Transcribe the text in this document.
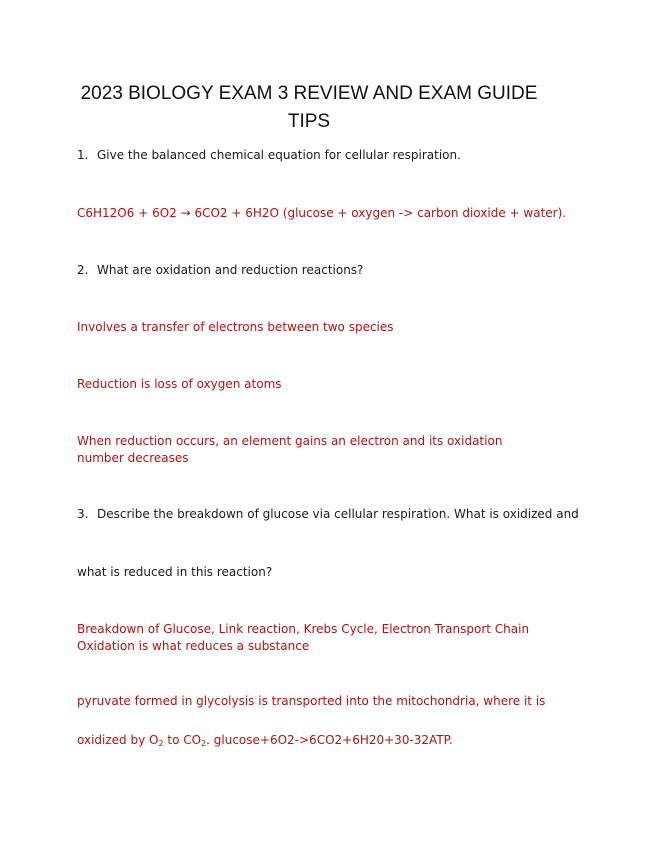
2023 BIOLOGY EXAM 3 REVIEW AND EXAM GUIDE
TIPS
1. Give the balanced chemical equation for cellular respiration.
C6H12O6 + 6O2 → 6CO2 + 6H2O (glucose + oxygen -> carbon dioxide + water).
2. What are oxidation and reduction reactions?
Involves a transfer of electrons between two species
Reduction is loss of oxygen atoms
When reduction occurs, an element gains an electron and its oxidation number decreases
3. Describe the breakdown of glucose via cellular respiration. What is oxidized and
what is reduced in this reaction?
Breakdown of Glucose, Link reaction, Krebs Cycle, Electron Transport Chain Oxidation is what reduces a substance
pyruvate formed in glycolysis is transported into the mitochondria, where it is
oxidized by $O_2$ to $CO_2$. glucose+6O2->6CO2+6H20+30-32ATP.
